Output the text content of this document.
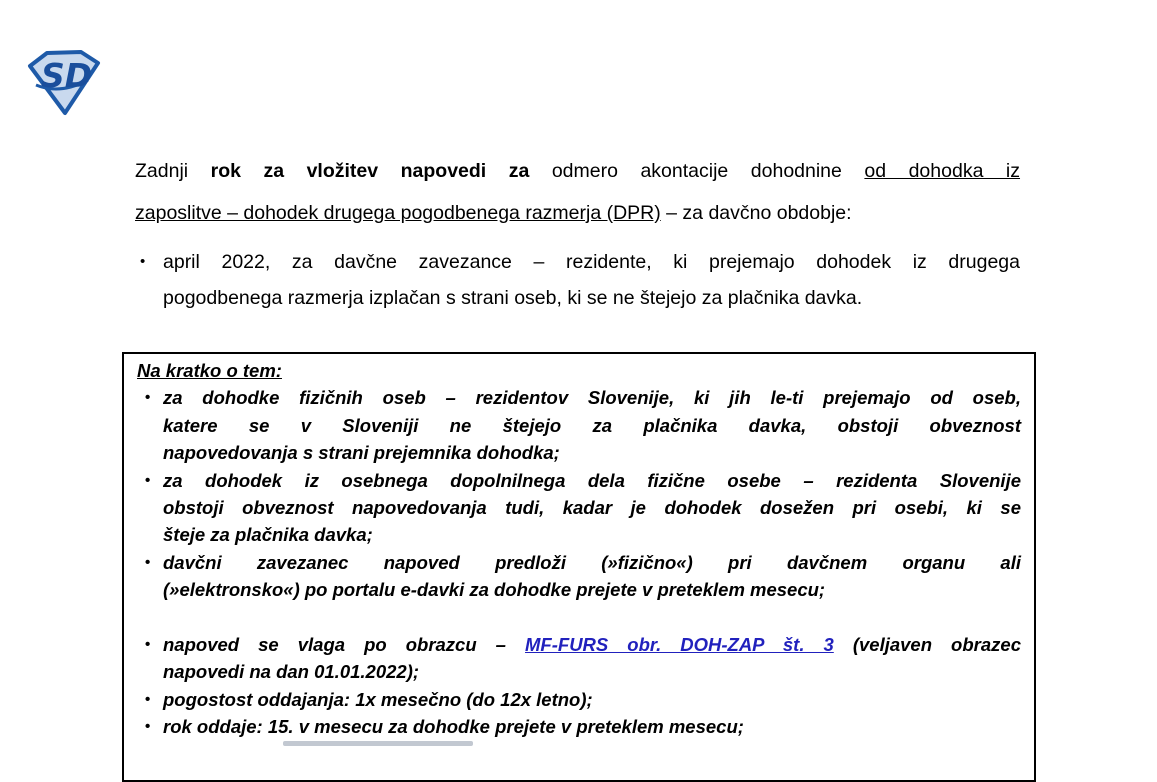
SD
Zadnji rok za vložitev napovedi za odmero akontacije dohodnine od dohodka iz
zaposlitve – dohodek drugega pogodbenega razmerja (DPR) – za davčno obdobje:
• april 2022, za davčne zavezance – rezidente, ki prejemajo dohodek iz drugega
pogodbenega razmerja izplačan s strani oseb, ki se ne štejejo za plačnika davka.
Na kratko o tem:
• za dohodke fizičnih oseb – rezidentov Slovenije, ki jih le-ti prejemajo od oseb,
katere se v Sloveniji ne štejejo za plačnika davka, obstoji obveznost
napovedovanja s strani prejemnika dohodka;
• za dohodek iz osebnega dopolnilnega dela fizične osebe – rezidenta Slovenije
obstoji obveznost napovedovanja tudi, kadar je dohodek dosežen pri osebi, ki se
šteje za plačnika davka;
• davčni zavezanec napoved predloži (»fizično«) pri davčnem organu ali
(»elektronsko«) po portalu e-davki za dohodke prejete v preteklem mesecu;
• napoved se vlaga po obrazcu – MF-FURS obr. DOH-ZAP št. 3 (veljaven obrazec
napovedi na dan 01.01.2022);
• pogostost oddajanja: 1x mesečno (do 12x letno);
• rok oddaje: 15. v mesecu za dohodke prejete v preteklem mesecu;
